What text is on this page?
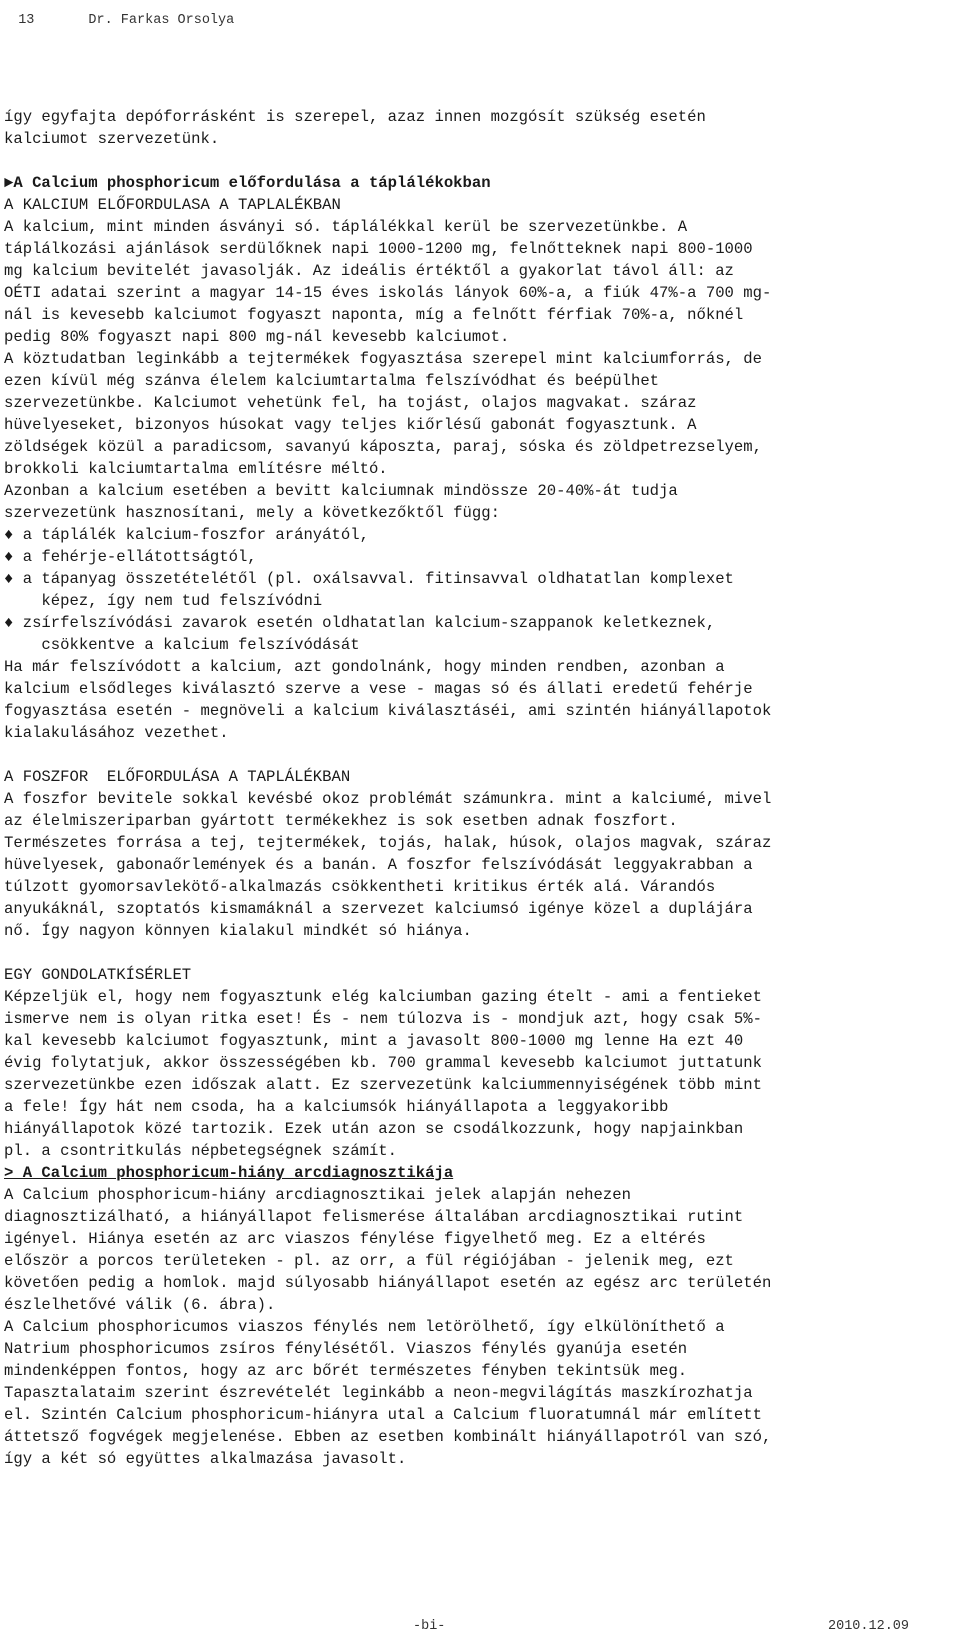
13	Dr. Farkas Orsolya

így egyfajta depóforrásként is szerepel, azaz innen mozgósít szükség esetén
kalciumot szervezetünk.
►A Calcium phosphoricum előfordulása a táplálékokban
A KALCIUM ELŐFORDULASA A TAPLALÉKBAN
A kalcium, mint minden ásványi só. táplálékkal kerül be szervezetünkbe. A
táplálkozási ajánlások serdülőknek napi 1000-1200 mg, felnőtteknek napi 800-1000
mg kalcium bevitelét javasolják. Az ideális értéktől a gyakorlat távol áll: az
OÉTI adatai szerint a magyar 14-15 éves iskolás lányok 60%-a, a fiúk 47%-a 700 mg-
nál is kevesebb kalciumot fogyaszt naponta, míg a felnőtt férfiak 70%-a, nőknél
pedig 80% fogyaszt napi 800 mg-nál kevesebb kalciumot.
A köztudatban leginkább a tejtermékek fogyasztása szerepel mint kalciumforrás, de
ezen kívül még szánva élelem kalciumtartalma felszívódhat és beépülhet
szervezetünkbe. Kalciumot vehetünk fel, ha tojást, olajos magvakat. száraz
hüvelyeseket, bizonyos húsokat vagy teljes kiőrlésű gabonát fogyasztunk. A
zöldségek közül a paradicsom, savanyú káposzta, paraj, sóska és zöldpetrezselyem,
brokkoli kalciumtartalma említésre méltó.
Azonban a kalcium esetében a bevitt kalciumnak mindössze 20-40%-át tudja
szervezetünk hasznosítani, mely a következőktől függ:
♦ a táplálék kalcium-foszfor arányától,
♦ a fehérje-ellátottságtól,
♦ a tápanyag összetételétől (pl. oxálsavval. fitinsavval oldhatatlan komplexet
képez, így nem tud felszívódni
♦ zsírfelszívódási zavarok esetén oldhatatlan kalcium-szappanok keletkeznek,
csökkentve a kalcium felszívódását
Ha már felszívódott a kalcium, azt gondolnánk, hogy minden rendben, azonban a
kalcium elsődleges kiválasztó szerve a vese - magas só és állati eredetű fehérje
fogyasztása esetén - megnöveli a kalcium kiválasztáséi, ami szintén hiányállapotok
kialakulásához vezethet.
A FOSZFOR  ELŐFORDULÁSA A TAPLÁLÉKBAN
A foszfor bevitele sokkal kevésbé okoz problémát számunkra. mint a kalciumé, mivel
az élelmiszeriparban gyártott termékekhez is sok esetben adnak foszfort.
Természetes forrása a tej, tejtermékek, tojás, halak, húsok, olajos magvak, száraz
hüvelyesek, gabonaőrlemények és a banán. A foszfor felszívódását leggyakrabban a
túlzott gyomorsavlekötő-alkalmazás csökkentheti kritikus érték alá. Várandós
anyukáknál, szoptatós kismamáknál a szervezet kalciumsó igénye közel a duplájára
nő. Így nagyon könnyen kialakul mindkét só hiánya.
EGY GONDOLATKÍSÉRLET
Képzeljük el, hogy nem fogyasztunk elég kalciumban gazing ételt - ami a fentieket
ismerve nem is olyan ritka eset! És - nem túlozva is - mondjuk azt, hogy csak 5%-
kal kevesebb kalciumot fogyasztunk, mint a javasolt 800-1000 mg lenne Ha ezt 40
évig folytatjuk, akkor összességében kb. 700 grammal kevesebb kalciumot juttatunk
szervezetünkbe ezen időszak alatt. Ez szervezetünk kalciummennyiségének több mint
a fele! Így hát nem csoda, ha a kalciumsók hiányállapota a leggyakoribb
hiányállapotok közé tartozik. Ezek után azon se csodálkozzunk, hogy napjainkban
pl. a csontritkulás népbetegségnek számít.
> A Calcium phosphoricum-hiány arcdiagnosztikája
A Calcium phosphoricum-hiány arcdiagnosztikai jelek alapján nehezen
diagnosztizálható, a hiányállapot felismerése általában arcdiagnosztikai rutint
igényel. Hiánya esetén az arc viaszos fénylése figyelhető meg. Ez a eltérés
először a porcos területeken - pl. az orr, a fül régiójában - jelenik meg, ezt
követően pedig a homlok. majd súlyosabb hiányállapot esetén az egész arc területén
észlelhetővé válik (6. ábra).
A Calcium phosphoricumos viaszos fénylés nem letörölhető, így elkülöníthető a
Natrium phosphoricumos zsíros fénylésétől. Viaszos fénylés gyanúja esetén
mindenképpen fontos, hogy az arc bőrét természetes fényben tekintsük meg.
Tapasztalataim szerint észrevételét leginkább a neon-megvilágítás maszkírozhatja
el. Szintén Calcium phosphoricum-hiányra utal a Calcium fluoratumnál már említett
áttetsző fogvégek megjelenése. Ebben az esetben kombinált hiányállapotról van szó,
így a két só együttes alkalmazása javasolt.
-bi-	2010.12.09
